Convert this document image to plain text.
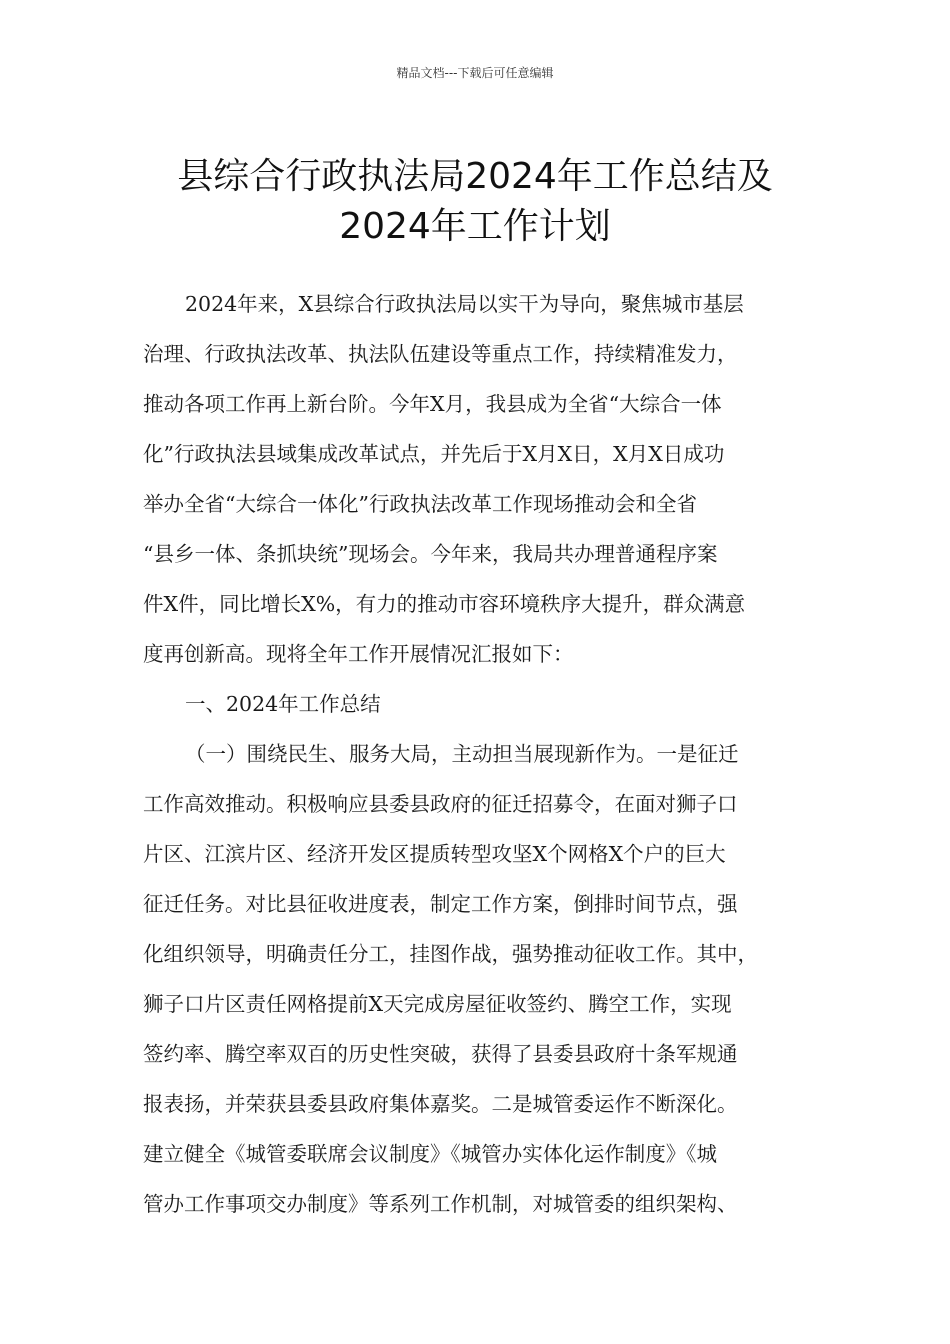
精品文档---下载后可任意编辑
县综合行政执法局2024年工作总结及
2024年工作计划
2024年来，X县综合行政执法局以实干为导向，聚焦城市基层
治理、行政执法改革、执法队伍建设等重点工作，持续精准发力，
推动各项工作再上新台阶。今年X月，我县成为全省“大综合一体
化”行政执法县域集成改革试点，并先后于X月X日，X月X日成功
举办全省“大综合一体化”行政执法改革工作现场推动会和全省
“县乡一体、条抓块统”现场会。今年来，我局共办理普通程序案
件X件，同比增长X%，有力的推动市容环境秩序大提升，群众满意
度再创新高。现将全年工作开展情况汇报如下：
一、2024年工作总结
（一）围绕民生、服务大局，主动担当展现新作为。一是征迁
工作高效推动。积极响应县委县政府的征迁招募令，在面对狮子口
片区、江滨片区、经济开发区提质转型攻坚X个网格X个户的巨大
征迁任务。对比县征收进度表，制定工作方案，倒排时间节点，强
化组织领导，明确责任分工，挂图作战，强势推动征收工作。其中，
狮子口片区责任网格提前X天完成房屋征收签约、腾空工作，实现
签约率、腾空率双百的历史性突破，获得了县委县政府十条军规通
报表扬，并荣获县委县政府集体嘉奖。二是城管委运作不断深化。
建立健全《城管委联席会议制度》《城管办实体化运作制度》《城
管办工作事项交办制度》等系列工作机制，对城管委的组织架构、
